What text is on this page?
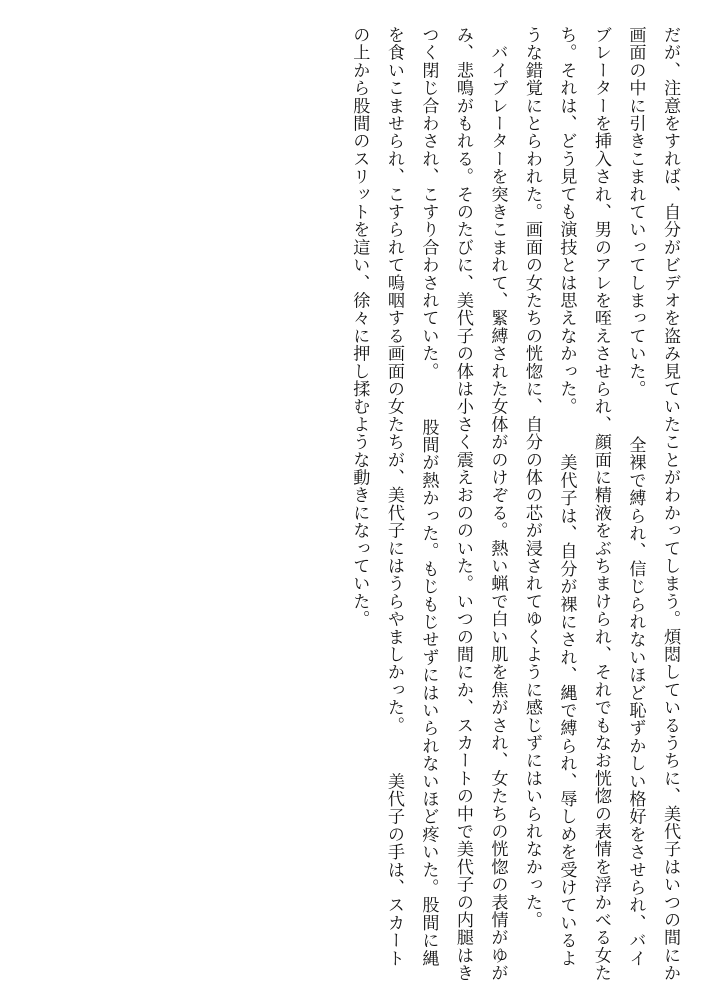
だが、注意をすれば、自分がビデオを盗み見ていたことがわかってしまう。煩悶しているうちに、美代子はいつの間にか画面の中に引きこまれていってしまっていた。 　全裸で縛られ、信じられないほど恥ずかしい格好をさせられ、バイブレーターを挿入され、男のアレを咥えさせられ、顔面に精液をぶちまけられ、それでもなお恍惚の表情を浮かべる女たち。それは、どう見ても演技とは思えなかった。 　美代子は、自分が裸にされ、縄で縛られ、辱しめを受けているような錯覚にとらわれた。画面の女たちの恍惚に、自分の体の芯が浸されてゆくように感じずにはいられなかった。 　バイブレーターを突きこまれて、緊縛された女体がのけぞる。熱い蝋で白い肌を焦がされ、女たちの恍惚の表情がゆがみ、悲鳴がもれる。そのたびに、美代子の体は小さく震えおののいた。いつの間にか、スカートの中で美代子の内腿はきつく閉じ合わされ、こすり合わされていた。 　股間が熱かった。もじもじせずにはいられないほど疼いた。股間に縄を食いこませられ、こすられて嗚咽する画面の女たちが、美代子にはうらやましかった。 　美代子の手は、スカートの上から股間のスリットを這い、徐々に押し揉むような動きになっていた。
